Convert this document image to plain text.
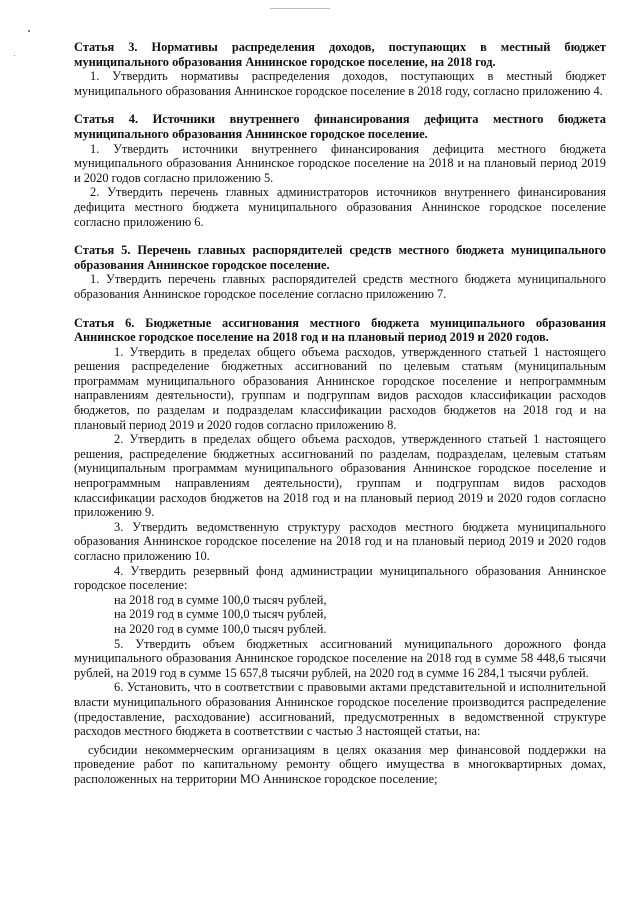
Статья 3. Нормативы распределения доходов, поступающих в местный бюджет муниципального образования Аннинское городское поселение, на 2018 год.

1. Утвердить нормативы распределения доходов, поступающих в местный бюджет муниципального образования Аннинское городское поселение в 2018 году, согласно приложению 4.

Статья 4. Источники внутреннего финансирования дефицита местного бюджета муниципального образования Аннинское городское поселение.

1. Утвердить источники внутреннего финансирования дефицита местного бюджета муниципального образования Аннинское городское поселение на 2018 и на плановый период 2019 и 2020 годов согласно приложению 5.

2. Утвердить перечень главных администраторов источников внутреннего финансирования дефицита местного бюджета муниципального образования Аннинское городское поселение согласно приложению 6.

Статья 5. Перечень главных распорядителей средств местного бюджета муниципального образования Аннинское городское поселение.

1. Утвердить перечень главных распорядителей средств местного бюджета муниципального образования Аннинское городское поселение согласно приложению 7.

Статья 6. Бюджетные ассигнования местного бюджета муниципального образования Аннинское городское поселение на 2018 год и на плановый период 2019 и 2020 годов.

1. Утвердить в пределах общего объема расходов, утвержденного статьей 1 настоящего решения распределение бюджетных ассигнований по целевым статьям (муниципальным программам муниципального образования Аннинское городское поселение и непрограммным направлениям деятельности), группам и подгруппам видов расходов классификации расходов бюджетов, по разделам и подразделам классификации расходов бюджетов на 2018 год и на плановый период 2019 и 2020 годов согласно приложению 8.

2. Утвердить в пределах общего объема расходов, утвержденного статьей 1 настоящего решения, распределение бюджетных ассигнований по разделам, подразделам, целевым статьям (муниципальным программам муниципального образования Аннинское городское поселение и непрограммным направлениям деятельности), группам и подгруппам видов расходов классификации расходов бюджетов на 2018 год и на плановый период 2019 и 2020 годов согласно приложению 9.

3. Утвердить ведомственную структуру расходов местного бюджета муниципального образования Аннинское городское поселение на 2018 год и на плановый период 2019 и 2020 годов согласно приложению 10.

4. Утвердить резервный фонд администрации муниципального образования Аннинское городское поселение:

на 2018 год в сумме 100,0 тысяч рублей,

на 2019 год в сумме 100,0 тысяч рублей,

на 2020 год в сумме 100,0 тысяч рублей.

5. Утвердить объем бюджетных ассигнований муниципального дорожного фонда муниципального образования Аннинское городское поселение на 2018 год в сумме 58 448,6 тысячи рублей, на 2019 год в сумме 15 657,8 тысячи рублей, на 2020 год в сумме 16 284,1 тысячи рублей.

6. Установить, что в соответствии с правовыми актами представительной и исполнительной власти муниципального образования Аннинское городское поселение производится распределение (предоставление, расходование) ассигнований, предусмотренных в ведомственной структуре расходов местного бюджета в соответствии с частью 3 настоящей статьи, на:

субсидии некоммерческим организациям в целях оказания мер финансовой поддержки на проведение работ по капитальному ремонту общего имущества в многоквартирных домах, расположенных на территории МО Аннинское городское поселение;
